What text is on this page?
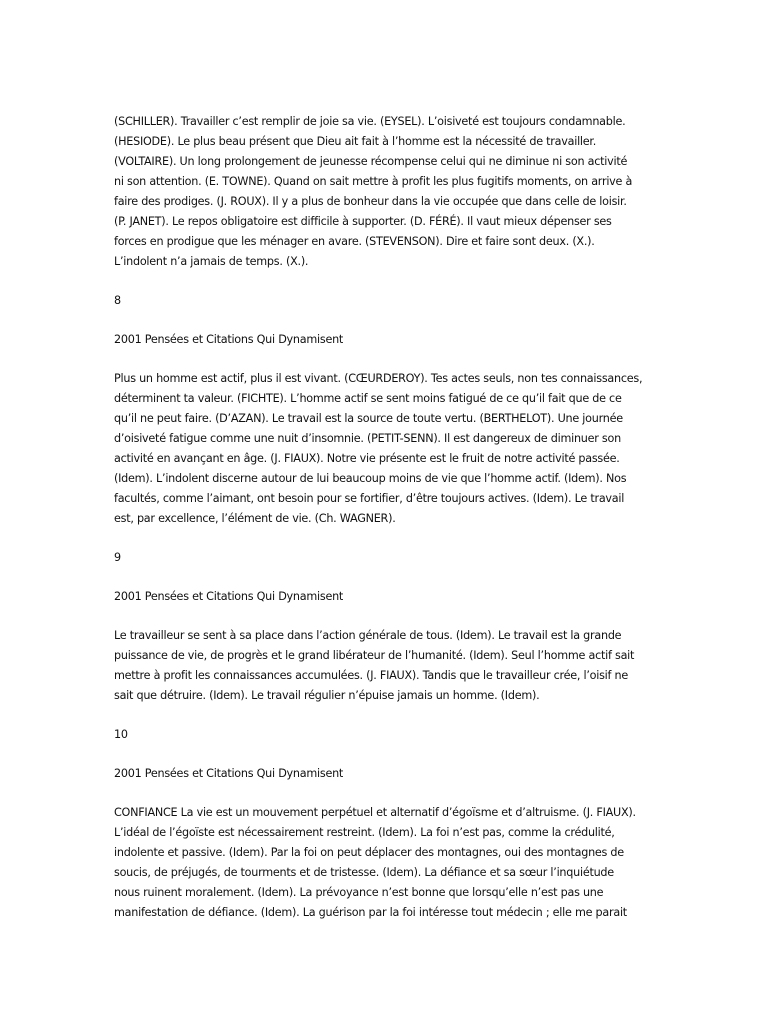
(SCHILLER). Travailler c’est remplir de joie sa vie. (EYSEL). L’oisiveté est toujours condamnable.

(HESIODE). Le plus beau présent que Dieu ait fait à l’homme est la nécessité de travailler.

(VOLTAIRE). Un long prolongement de jeunesse récompense celui qui ne diminue ni son activité

ni son attention. (E. TOWNE). Quand on sait mettre à profit les plus fugitifs moments, on arrive à

faire des prodiges. (J. ROUX). Il y a plus de bonheur dans la vie occupée que dans celle de loisir.

(P. JANET). Le repos obligatoire est difficile à supporter. (D. FÉRÉ). Il vaut mieux dépenser ses

forces en prodigue que les ménager en avare. (STEVENSON). Dire et faire sont deux. (X.).

L’indolent n’a jamais de temps. (X.).

8

2001 Pensées et Citations Qui Dynamisent

Plus un homme est actif, plus il est vivant. (CŒURDEROY). Tes actes seuls, non tes connaissances,

déterminent ta valeur. (FICHTE). L’homme actif se sent moins fatigué de ce qu’il fait que de ce

qu’il ne peut faire. (D’AZAN). Le travail est la source de toute vertu. (BERTHELOT). Une journée

d’oisiveté fatigue comme une nuit d’insomnie. (PETIT-SENN). Il est dangereux de diminuer son

activité en avançant en âge. (J. FIAUX). Notre vie présente est le fruit de notre activité passée.

(Idem). L’indolent discerne autour de lui beaucoup moins de vie que l’homme actif. (Idem). Nos

facultés, comme l’aimant, ont besoin pour se fortifier, d’être toujours actives. (Idem). Le travail

est, par excellence, l’élément de vie. (Ch. WAGNER).

9

2001 Pensées et Citations Qui Dynamisent

Le travailleur se sent à sa place dans l’action générale de tous. (Idem). Le travail est la grande

puissance de vie, de progrès et le grand libérateur de l’humanité. (Idem). Seul l’homme actif sait

mettre à profit les connaissances accumulées. (J. FIAUX). Tandis que le travailleur crée, l’oisif ne

sait que détruire. (Idem). Le travail régulier n’épuise jamais un homme. (Idem).

10

2001 Pensées et Citations Qui Dynamisent

CONFIANCE La vie est un mouvement perpétuel et alternatif d’égoïsme et d’altruisme. (J. FIAUX).

L’idéal de l’égoïste est nécessairement restreint. (Idem). La foi n’est pas, comme la crédulité,

indolente et passive. (Idem). Par la foi on peut déplacer des montagnes, oui des montagnes de

soucis, de préjugés, de tourments et de tristesse. (Idem). La défiance et sa sœur l’inquiétude

nous ruinent moralement. (Idem). La prévoyance n’est bonne que lorsqu’elle n’est pas une

manifestation de défiance. (Idem). La guérison par la foi intéresse tout médecin ; elle me parait
